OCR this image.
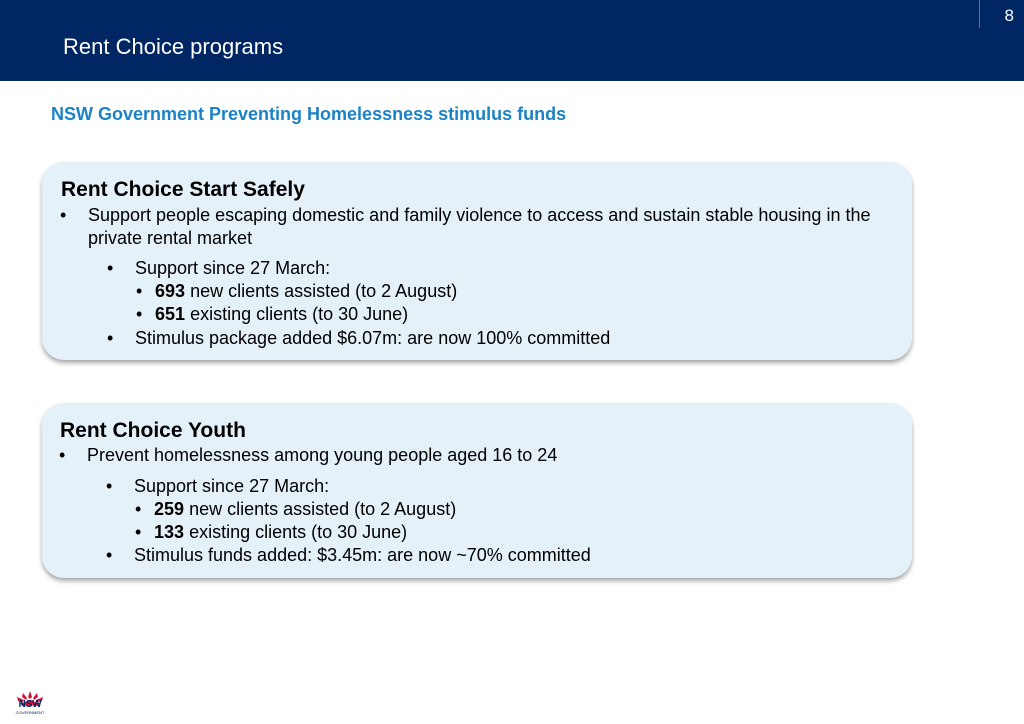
Rent Choice programs
8
NSW Government Preventing Homelessness stimulus funds
Rent Choice Start Safely
• Support people escaping domestic and family violence to access and sustain stable housing in the private rental market
• Support since 27 March:
• 693 new clients assisted (to 2 August)
• 651 existing clients (to 30 June)
• Stimulus package added $6.07m: are now 100% committed
Rent Choice Youth
• Prevent homelessness among young people aged 16 to 24
• Support since 27 March:
• 259 new clients assisted (to 2 August)
• 133 existing clients (to 30 June)
• Stimulus funds added: $3.45m: are now ~70% committed
NSW
GOVERNMENT
